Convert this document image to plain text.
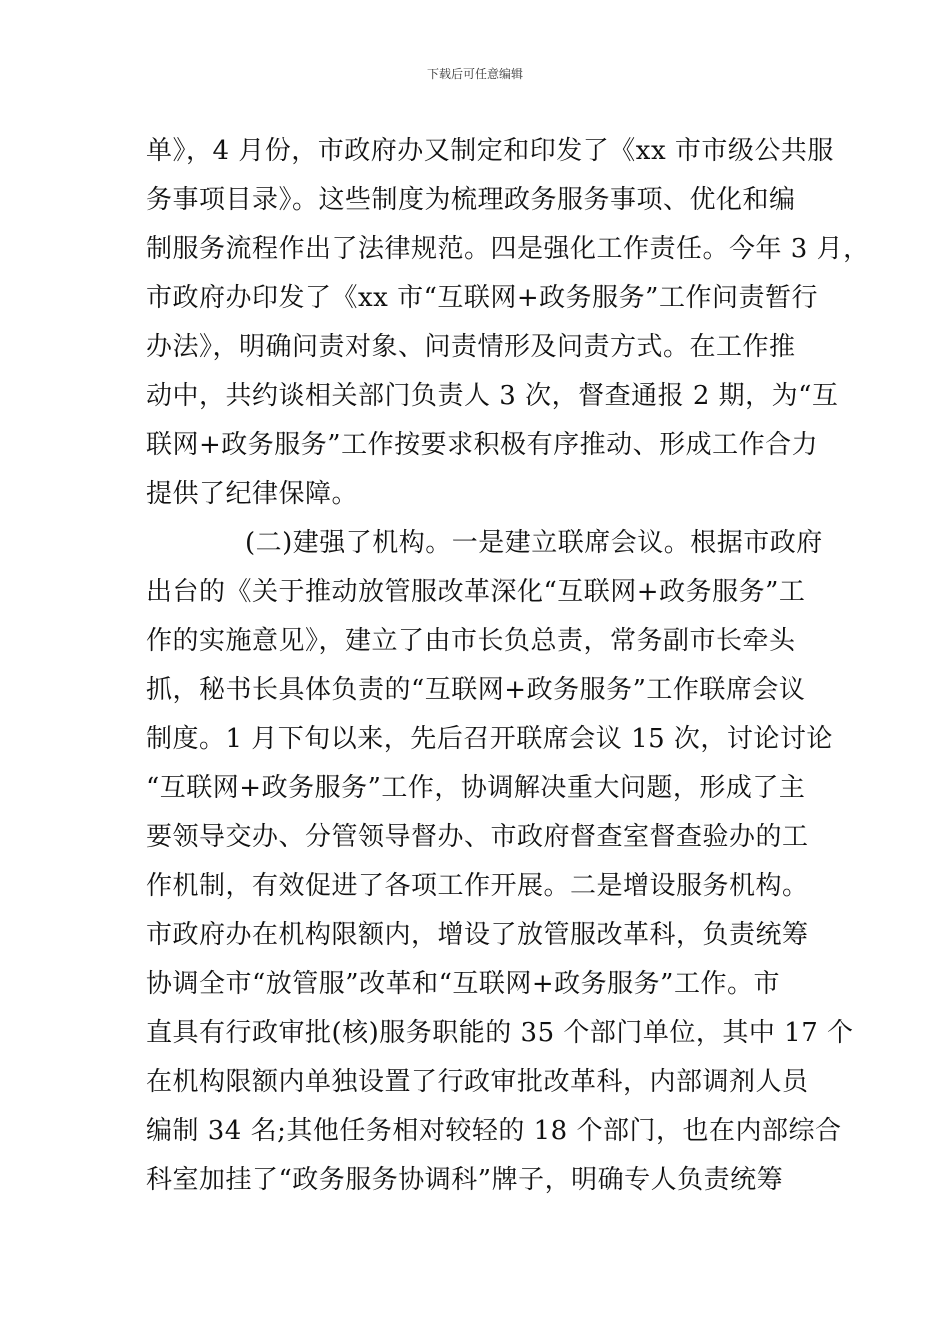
下载后可任意编辑
单》，4 月份，市政府办又制定和印发了《xx 市市级公共服
务事项目录》。这些制度为梳理政务服务事项、优化和编
制服务流程作出了法律规范。四是强化工作责任。今年 3 月，
市政府办印发了《xx 市“互联网+政务服务”工作问责暂行
办法》，明确问责对象、问责情形及问责方式。在工作推
动中，共约谈相关部门负责人 3 次，督查通报 2 期，为“互
联网+政务服务”工作按要求积极有序推动、形成工作合力
提供了纪律保障。
(二)建强了机构。一是建立联席会议。根据市政府
出台的《关于推动放管服改革深化“互联网+政务服务”工
作的实施意见》，建立了由市长负总责，常务副市长牵头
抓，秘书长具体负责的“互联网+政务服务”工作联席会议
制度。1 月下旬以来，先后召开联席会议 15 次，讨论讨论
“互联网+政务服务”工作，协调解决重大问题，形成了主
要领导交办、分管领导督办、市政府督查室督查验办的工
作机制，有效促进了各项工作开展。二是增设服务机构。
市政府办在机构限额内，增设了放管服改革科，负责统筹
协调全市“放管服”改革和“互联网+政务服务”工作。市
直具有行政审批(核)服务职能的 35 个部门单位，其中 17 个
在机构限额内单独设置了行政审批改革科，内部调剂人员
编制 34 名;其他任务相对较轻的 18 个部门，也在内部综合
科室加挂了“政务服务协调科”牌子，明确专人负责统筹
